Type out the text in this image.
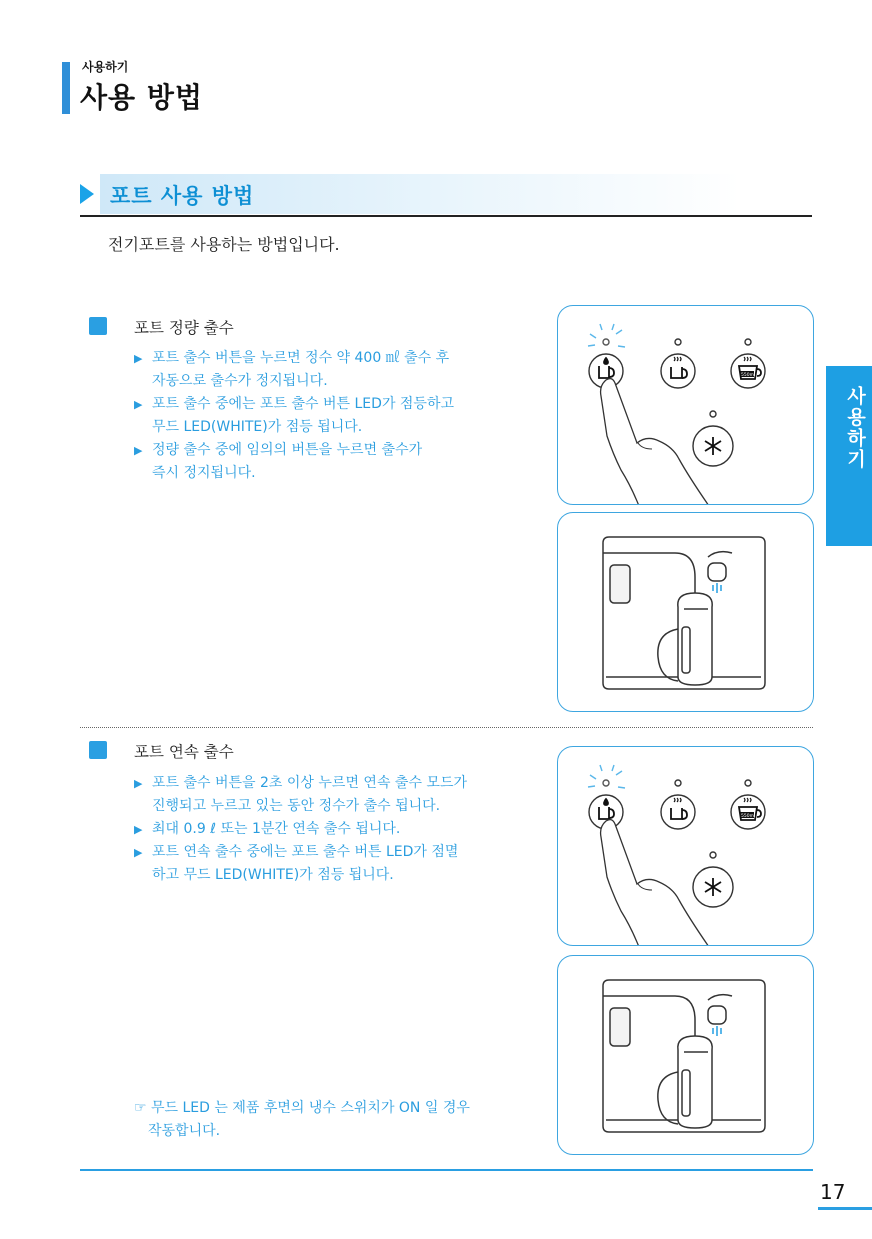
사용하기
사용 방법
포트 사용 방법
전기포트를 사용하는 방법입니다.
포트 정량 출수
▶ 포트 출수 버튼을 누르면 정수 약 400 ㎖ 출수 후
자동으로 출수가 정지됩니다.
▶ 포트 출수 중에는 포트 출수 버튼 LED가 점등하고
무드 LED(WHITE)가 점등 됩니다.
▶ 정량 출수 중에 임의의 버튼을 누르면 출수가
즉시 정지됩니다.
550ml
포트 연속 출수
▶ 포트 출수 버튼을 2초 이상 누르면 연속 출수 모드가
진행되고 누르고 있는 동안 정수가 출수 됩니다.
▶ 최대 0.9 ℓ 또는 1분간 연속 출수 됩니다.
▶ 포트 연속 출수 중에는 포트 출수 버튼 LED가 점멸
하고 무드 LED(WHITE)가 점등 됩니다.
550ml
사용하기
☞ 무드 LED 는 제품 후면의 냉수 스위치가 ON 일 경우
작동합니다.
17
